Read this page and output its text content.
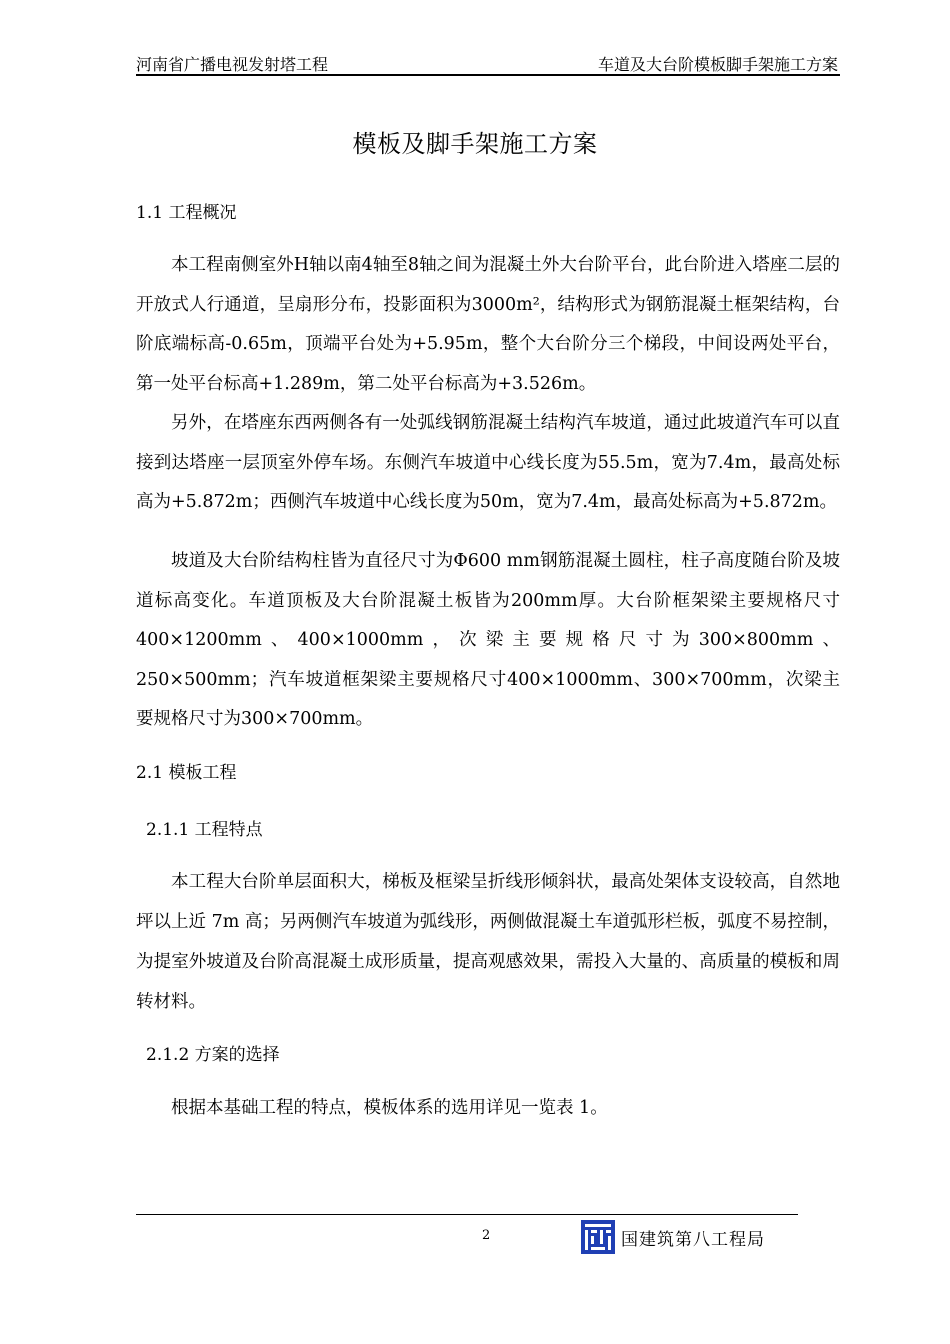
河南省广播电视发射塔工程	车道及大台阶模板脚手架施工方案
模板及脚手架施工方案
1.1 工程概况

本工程南侧室外H轴以南4轴至8轴之间为混凝土外大台阶平台，此台阶进入塔座二层的开放式人行通道，呈扇形分布，投影面积为3000m²，结构形式为钢筋混凝土框架结构，台阶底端标高-0.65m，顶端平台处为+5.95m，整个大台阶分三个梯段，中间设两处平台，第一处平台标高+1.289m，第二处平台标高为+3.526m。

另外，在塔座东西两侧各有一处弧线钢筋混凝土结构汽车坡道，通过此坡道汽车可以直接到达塔座一层顶室外停车场。东侧汽车坡道中心线长度为55.5m，宽为7.4m，最高处标高为+5.872m；西侧汽车坡道中心线长度为50m，宽为7.4m，最高处标高为+5.872m。

坡道及大台阶结构柱皆为直径尺寸为Φ600 mm钢筋混凝土圆柱，柱子高度随台阶及坡道标高变化。车道顶板及大台阶混凝土板皆为200mm厚。大台阶框架梁主要规格尺寸400×1200mm、400×1000mm，次梁主要规格尺寸为300×800mm、250×500mm；汽车坡道框架梁主要规格尺寸400×1000mm、300×700mm，次梁主要规格尺寸为300×700mm。

2.1 模板工程
2.1.1 工程特点

本工程大台阶单层面积大，梯板及框梁呈折线形倾斜状，最高处架体支设较高，自然地坪以上近 7m 高；另两侧汽车坡道为弧线形，两侧做混凝土车道弧形栏板，弧度不易控制，为提室外坡道及台阶高混凝土成形质量，提高观感效果，需投入大量的、高质量的模板和周转材料。

2.1.2 方案的选择

根据本基础工程的特点，模板体系的选用详见一览表 1。

2	国建筑第八工程局
